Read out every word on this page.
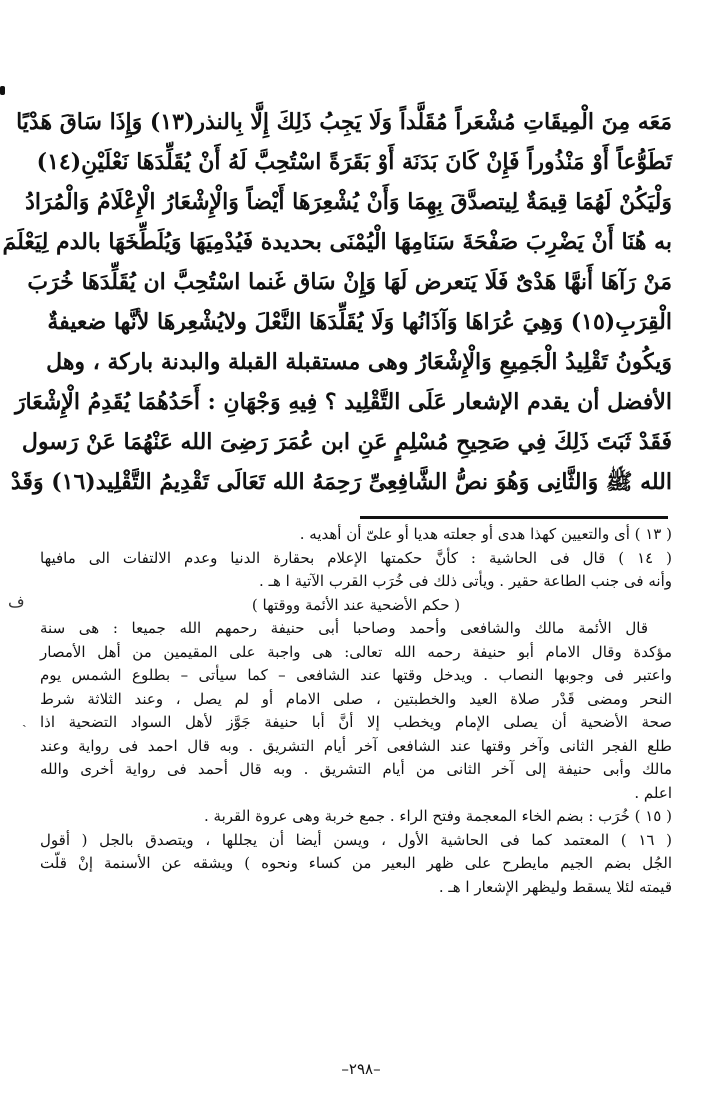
مَعَه مِنَ الْمِيقَاتِ مُشْعَراً مُقَلَّداً وَلَا يَجِبُ ذَلِكَ إِلَّا بِالنذر(١٣) وَإِذَا سَاقَ هَدْيًا
تَطَوُّعاً أَوْ مَنْذُوراً فَإِنْ كَانَ بَدَنَة أَوْ بَقَرَةً اسْتُحِبَّ لَهُ أَنْ يُقَلِّدَهَا نَعْلَيْنِ(١٤)
وَلْيَكُنْ لَهُمَا قِيمَةٌ لِيتصدَّقَ بِهِمَا وَأَنْ يُشْعِرَهَا أَيْضاً وَالْإِشْعَارُ الْإِعْلَامُ وَالْمُرَادُ
به هُنَا أَنْ يَضْرِبَ صَفْحَةَ سَنَامِهَا الْيُمْنَى بحديدة فَيُدْمِيَهَا وَيُلَطِّخَهَا بالدم لِيَعْلَمَ
مَنْ رَآهَا أَنهَّا هَدْىٌ فَلَا يَتعرض لَهَا وَإِنْ سَاق غَنما اسْتُحِبَّ ان يُقَلِّدَهَا خُرَبَ
الْقِرَبِ(١٥) وَهِيَ عُرَاهَا وَآذَانُها وَلَا يُقَلِّدَهَا النَّعْلَ ولايُشْعِرهَا لأنَّها ضعيفةٌ
وَيكُونُ تَقْلِيدُ الْجَمِيعِ وَالْإِشْعَارُ وهى مستقبلة القبلة والبدنة باركة ، وهل
الأفضل أن يقدم الإشعار عَلَى التَّقْلِيد ؟ فِيهِ وَجْهَانِ : أَحَدُهُمَا يُقَدِمُ الْإِشْعَارَ
فَقَدْ ثَبَتَ ذَلِكَ فِي صَحِيحِ مُسْلِمٍ عَنِ ابن عُمَرَ رَضِىَ الله عَنْهُمَا عَنْ رَسول
الله ﷺ وَالثَّانِى وَهُوَ نصُّ الشَّافِعِىِّ رَحِمَهُ الله تَعَالَى تَقْدِيمُ التَّقْلِيد(١٦) وَقَدْ
( ١٣ ) أى والتعيين كهذا هدى أو جعلته هديا أو علىّ أن أهديه .
( ١٤ ) قال فى الحاشية : كأنَّ حكمتها الإعلام بحقارة الدنيا وعدم الالتفات الى مافيها
وأنه فى جنب الطاعة حقير . ويأتى ذلك فى خُرَب القرب الآتية ا هـ .
( حكم الأضحية عند الأئمة ووقتها )
قال الأئمة مالك والشافعى وأحمد وصاحبا أبى حنيفة رحمهم الله جميعا : هى سنة
مؤكدة وقال الامام أبو حنيفة رحمه الله تعالى: هى واجبة على المقيمين من أهل الأمصار
واعتبر فى وجوبها النصاب . ويدخل وقتها عند الشافعى – كما سيأتى – بطلوع الشمس يوم
النحر ومضى قَدْر صلاة العيد والخطبتين ، صلى الامام أو لم يصل ، وعند الثلاثة شرط
صحة الأضحية أن يصلى الإمام ويخطب إلا أنَّ أبا حنيفة جَوَّز لأهل السواد التضحية اذا
طلع الفجر الثانى وآخر وقتها عند الشافعى آخر أيام التشريق . وبه قال احمد فى رواية وعند
مالك وأبى حنيفة إلى آخر الثانى من أيام التشريق . وبه قال أحمد فى رواية أخرى والله
اعلم .
( ١٥ ) خُرَب : بضم الخاء المعجمة وفتح الراء . جمع خربة وهى عروة القربة .
( ١٦ ) المعتمد كما فى الحاشية الأول ، ويسن أيضا أن يجللها ، ويتصدق بالجل ( أقول
الجُل بضم الجيم مايطرح على ظهر البعير من كساء ونحوه ) ويشقه عن الأسنمة إنْ قلّت
قيمته لئلا يسقط وليظهر الإشعار ا هـ .
ف
ˎ
–٢٩٨–
